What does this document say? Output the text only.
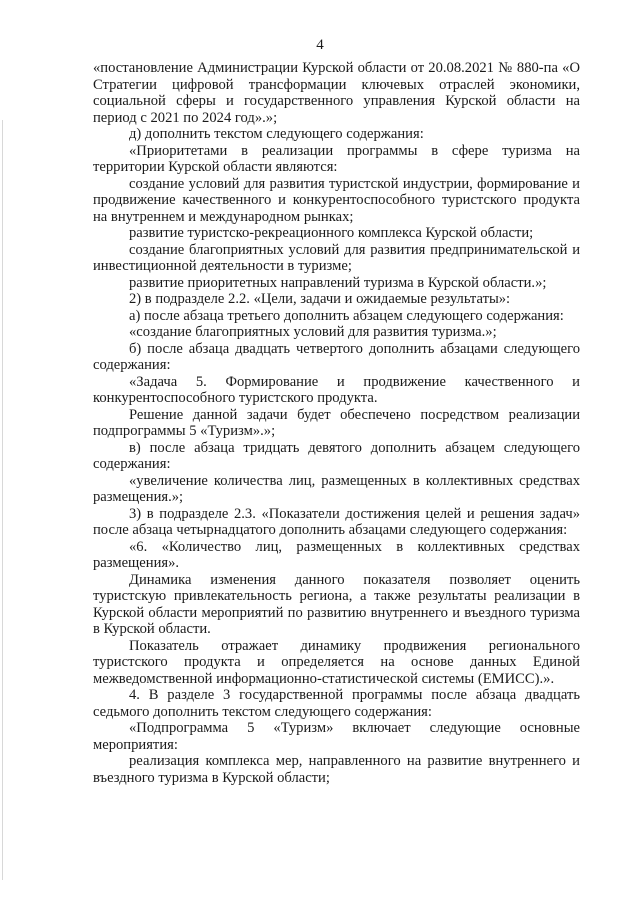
4

«постановление Администрации Курской области от 20.08.2021 № 880-па «О Стратегии цифровой трансформации ключевых отраслей экономики, социальной сферы и государственного управления Курской области на период с 2021 по 2024 год».»;

д) дополнить текстом следующего содержания:

«Приоритетами в реализации программы в сфере туризма на территории Курской области являются:

создание условий для развития туристской индустрии, формирование и продвижение качественного и конкурентоспособного туристского продукта на внутреннем и международном рынках;

развитие туристско-рекреационного комплекса Курской области;

создание благоприятных условий для развития предпринимательской и инвестиционной деятельности в туризме;

развитие приоритетных направлений туризма в Курской области.»;

2) в подразделе 2.2. «Цели, задачи и ожидаемые результаты»:

а) после абзаца третьего дополнить абзацем следующего содержания:

«создание благоприятных условий для развития туризма.»;

б) после абзаца двадцать четвертого дополнить абзацами следующего содержания:

«Задача 5. Формирование и продвижение качественного и конкурентоспособного туристского продукта.

Решение данной задачи будет обеспечено посредством реализации подпрограммы 5 «Туризм».»;

в) после абзаца тридцать девятого дополнить абзацем следующего содержания:

«увеличение количества лиц, размещенных в коллективных средствах размещения.»;

3) в подразделе 2.3. «Показатели достижения целей и решения задач» после абзаца четырнадцатого дополнить абзацами следующего содержания:

«6. «Количество лиц, размещенных в коллективных средствах размещения».

Динамика изменения данного показателя позволяет оценить туристскую привлекательность региона, а также результаты реализации в Курской области мероприятий по развитию внутреннего и въездного туризма в Курской области.

Показатель отражает динамику продвижения регионального туристского продукта и определяется на основе данных Единой межведомственной информационно-статистической системы (ЕМИСС).».

4. В разделе 3 государственной программы после абзаца двадцать седьмого дополнить текстом следующего содержания:

«Подпрограмма 5 «Туризм» включает следующие основные мероприятия:

реализация комплекса мер, направленного на развитие внутреннего и въездного туризма в Курской области;
